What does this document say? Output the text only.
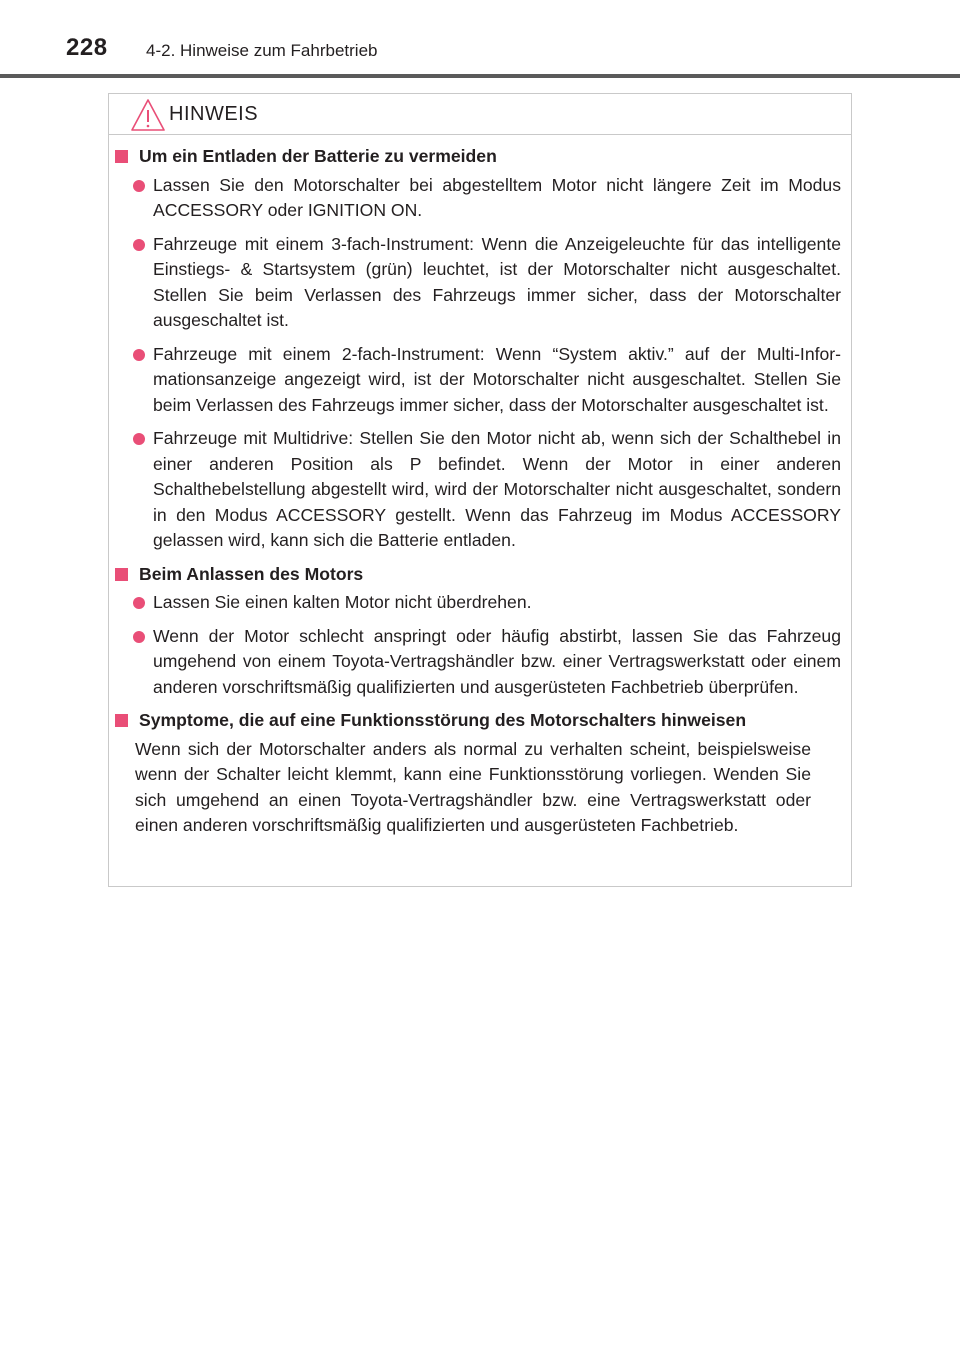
228 4-2. Hinweise zum Fahrbetrieb
HINWEIS
Um ein Entladen der Batterie zu vermeiden
Lassen Sie den Motorschalter bei abgestelltem Motor nicht längere Zeit im Modus ACCESSORY oder IGNITION ON.
Fahrzeuge mit einem 3-fach-Instrument: Wenn die Anzeigeleuchte für das intelligente Einstiegs- & Startsystem (grün) leuchtet, ist der Motorschalter nicht ausgeschaltet. Stellen Sie beim Verlassen des Fahrzeugs immer sicher, dass der Motorschalter ausgeschaltet ist.
Fahrzeuge mit einem 2-fach-Instrument: Wenn “System aktiv.” auf der Multi-Informationsanzeige angezeigt wird, ist der Motorschalter nicht ausgeschaltet. Stellen Sie beim Verlassen des Fahrzeugs immer sicher, dass der Motorschalter ausgeschaltet ist.
Fahrzeuge mit Multidrive: Stellen Sie den Motor nicht ab, wenn sich der Schalthebel in einer anderen Position als P befindet. Wenn der Motor in einer anderen Schalthebelstellung abgestellt wird, wird der Motorschalter nicht ausgeschaltet, sondern in den Modus ACCESSORY gestellt. Wenn das Fahrzeug im Modus ACCESSORY gelassen wird, kann sich die Batterie entladen.
Beim Anlassen des Motors
Lassen Sie einen kalten Motor nicht überdrehen.
Wenn der Motor schlecht anspringt oder häufig abstirbt, lassen Sie das Fahrzeug umgehend von einem Toyota-Vertragshändler bzw. einer Vertragswerkstatt oder einem anderen vorschriftsmäßig qualifizierten und ausgerüsteten Fachbetrieb überprüfen.
Symptome, die auf eine Funktionsstörung des Motorschalters hinweisen
Wenn sich der Motorschalter anders als normal zu verhalten scheint, beispielsweise wenn der Schalter leicht klemmt, kann eine Funktionsstörung vorliegen. Wenden Sie sich umgehend an einen Toyota-Vertragshändler bzw. eine Vertragswerkstatt oder einen anderen vorschriftsmäßig qualifizierten und ausgerüsteten Fachbetrieb.
